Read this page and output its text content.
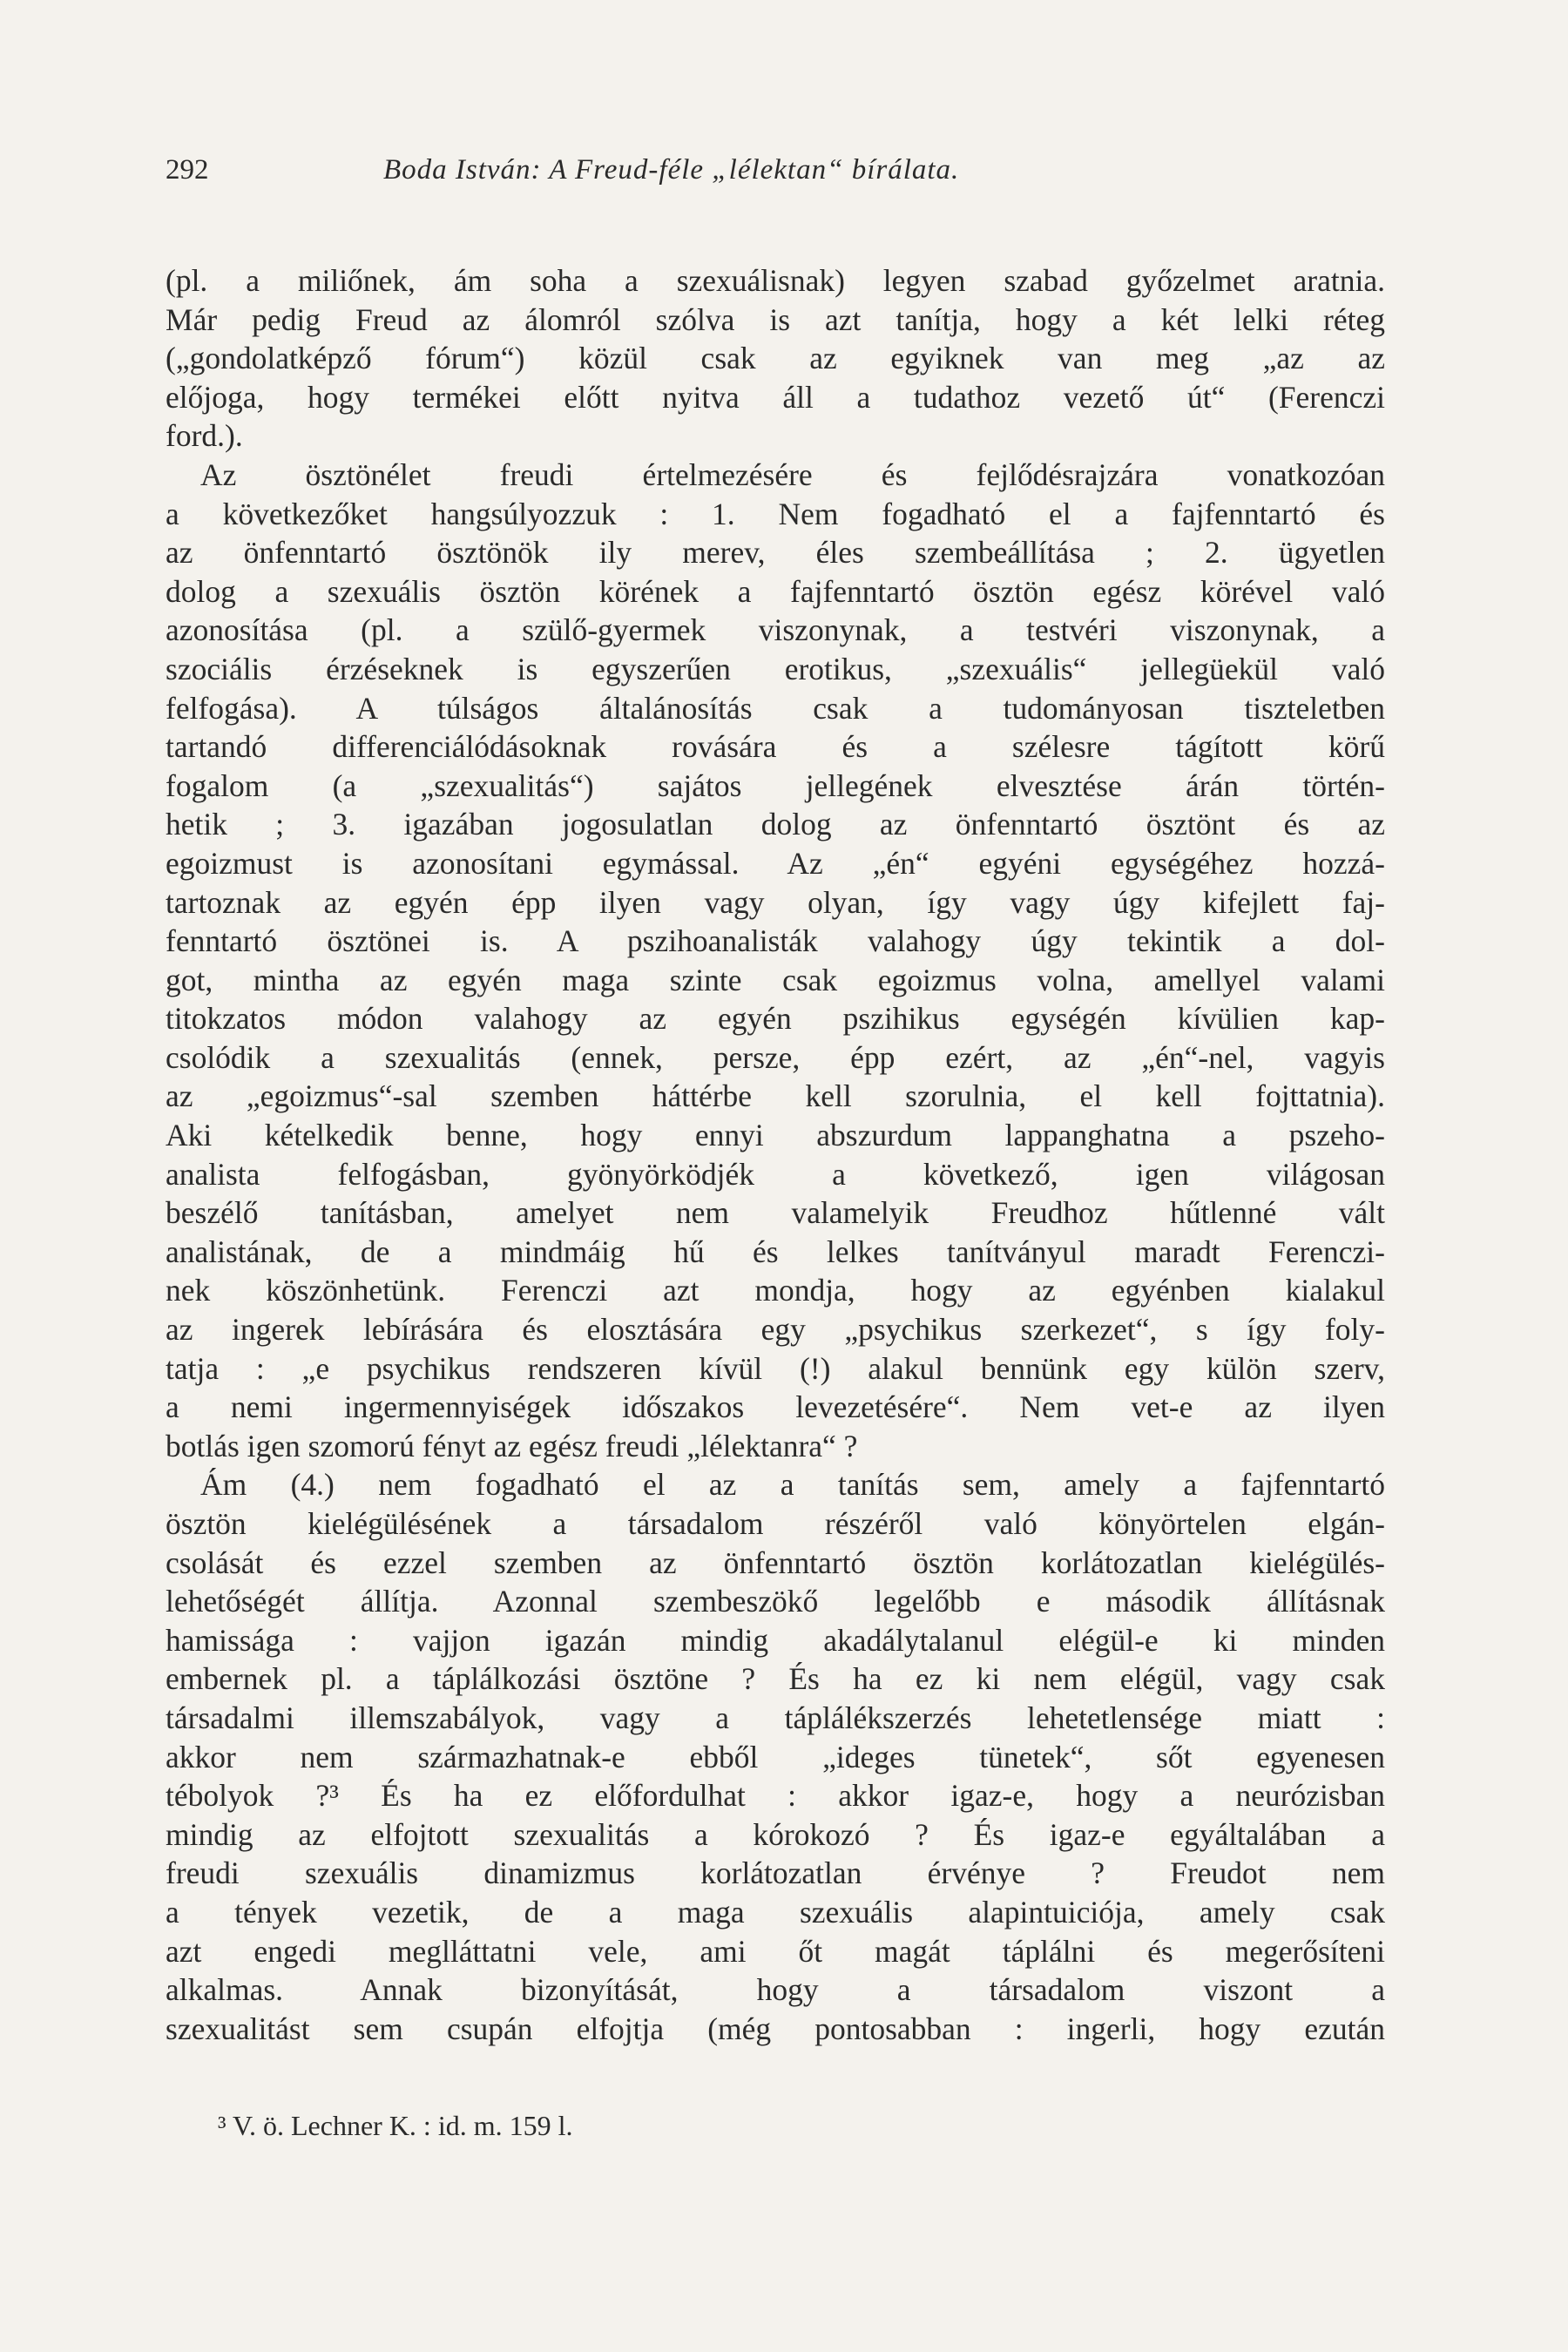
292	Boda István: A Freud-féle „lélektan“ bírálata.
(pl. a miliőnek, ám soha a szexuálisnak) legyen szabad győzelmet aratnia.
Már pedig Freud az álomról szólva is azt tanítja, hogy a két lelki réteg
(„gondolatképző fórum“) közül csak az egyiknek van meg „az az
előjoga, hogy termékei előtt nyitva áll a tudathoz vezető út“ (Ferenczi
ford.).
Az ösztönélet freudi értelmezésére és fejlődésrajzára vonatkozóan
a következőket hangsúlyozzuk : 1. Nem fogadható el a fajfenntartó és
az önfenntartó ösztönök ily merev, éles szembeállítása ; 2. ügyetlen
dolog a szexuális ösztön körének a fajfenntartó ösztön egész körével való
azonosítása (pl. a szülő-gyermek viszonynak, a testvéri viszonynak, a
szociális érzéseknek is egyszerűen erotikus, „szexuális“ jellegüekül való
felfogása). A túlságos általánosítás csak a tudományosan tiszteletben
tartandó differenciálódásoknak rovására és a szélesre tágított körű
fogalom (a „szexualitás“) sajátos jellegének elvesztése árán történ-
hetik ; 3. igazában jogosulatlan dolog az önfenntartó ösztönt és az
egoizmust is azonosítani egymással. Az „én“ egyéni egységéhez hozzá-
tartoznak az egyén épp ilyen vagy olyan, így vagy úgy kifejlett faj-
fenntartó ösztönei is. A pszihoanalisták valahogy úgy tekintik a dol-
got, mintha az egyén maga szinte csak egoizmus volna, amellyel valami
titokzatos módon valahogy az egyén pszihikus egységén kívülien kap-
csolódik a szexualitás (ennek, persze, épp ezért, az „én“-nel, vagyis
az „egoizmus“-sal szemben háttérbe kell szorulnia, el kell fojttatnia).
Aki kételkedik benne, hogy ennyi abszurdum lappanghatna a pszeho-
analista felfogásban, gyönyörködjék a következő, igen világosan
beszélő tanításban, amelyet nem valamelyik Freudhoz hűtlenné vált
analistának, de a mindmáig hű és lelkes tanítványul maradt Ferenczi-
nek köszönhetünk. Ferenczi azt mondja, hogy az egyénben kialakul
az ingerek lebírására és elosztására egy „psychikus szerkezet“, s így foly-
tatja : „e psychikus rendszeren kívül (!) alakul bennünk egy külön szerv,
a nemi ingermennyiségek időszakos levezetésére“. Nem vet-e az ilyen
botlás igen szomorú fényt az egész freudi „lélektanra“ ?
Ám (4.) nem fogadható el az a tanítás sem, amely a fajfenntartó
ösztön kielégülésének a társadalom részéről való könyörtelen elgán-
csolását és ezzel szemben az önfenntartó ösztön korlátozatlan kielégülés-
lehetőségét állítja. Azonnal szembeszökő legelőbb e második állításnak
hamissága : vajjon igazán mindig akadálytalanul elégül-e ki minden
embernek pl. a táplálkozási ösztöne ? És ha ez ki nem elégül, vagy csak
társadalmi illemszabályok, vagy a táplálékszerzés lehetetlensége miatt :
akkor nem származhatnak-e ebből „ideges tünetek“, sőt egyenesen
tébolyok ?³ És ha ez előfordulhat : akkor igaz-e, hogy a neurózisban
mindig az elfojtott szexualitás a kórokozó ? És igaz-e egyáltalában a
freudi szexuális dinamizmus korlátozatlan érvénye ? Freudot nem
a tények vezetik, de a maga szexuális alapintuiciója, amely csak
azt engedi meglláttatni vele, ami őt magát táplálni és megerősíteni
alkalmas. Annak bizonyítását, hogy a társadalom viszont a
szexualitást sem csupán elfojtja (még pontosabban : ingerli, hogy ezután
³ V. ö. Lechner K. : id. m. 159 l.
